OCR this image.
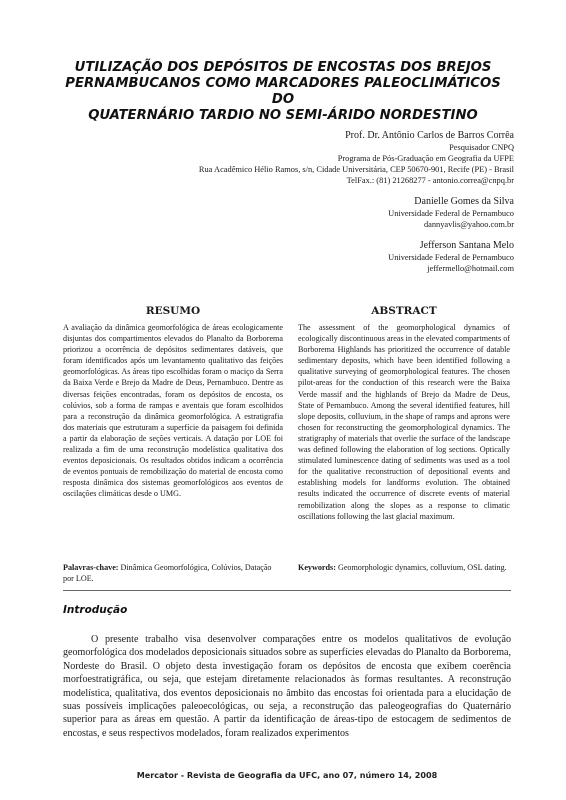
UTILIZAÇÃO DOS DEPÓSITOS DE ENCOSTAS DOS BREJOS
PERNAMBUCANOS COMO MARCADORES PALEOCLIMÁTICOS DO
QUATERNÁRIO TARDIO NO SEMI-ÁRIDO NORDESTINO
Prof. Dr. Antônio Carlos de Barros Corrêa
Pesquisador CNPQ
Programa de Pós-Graduação em Geografia da UFPE
Rua Acadêmico Hélio Ramos, s/n, Cidade Universitária, CEP 50670-901, Recife (PE) - Brasil
TelFax.: (81) 21268277 - antonio.correa@cnpq.br
Danielle Gomes da Silva
Universidade Federal de Pernambuco
dannyavlis@yahoo.com.br
Jefferson Santana Melo
Universidade Federal de Pernambuco
jeffermello@hotmail.com
RESUMO	ABSTRACT

A avaliação da dinâmica geomorfológica de áreas ecologicamente disjuntas dos compartimentos elevados do Planalto da Borborema priorizou a ocorrência de depósitos sedimentares datáveis, que foram identificados após um levantamento qualitativo das feições geomorfológicas. As áreas tipo escolhidas foram o maciço da Serra da Baixa Verde e Brejo da Madre de Deus, Pernambuco. Dentre as diversas feições encontradas, foram os depósitos de encosta, os colúvios, sob a forma de rampas e aventais que foram escolhidos para a reconstrução da dinâmica geomorfológica. A estratigrafia dos materiais que estruturam a superfície da paisagem foi definida a partir da elaboração de seções verticais. A datação por LOE foi realizada a fim de uma reconstrução modelística qualitativa dos eventos deposicionais. Os resultados obtidos indicam a ocorrência de eventos pontuais de remobilização do material de encosta como resposta dinâmica dos sistemas geomorfológicos aos eventos de oscilações climáticas desde o UMG.

The assessment of the geomorphological dynamics of ecologically discontinuous areas in the elevated compartments of Borborema Highlands has prioritized the occurrence of datable sedimentary deposits, which have been identified following a qualitative surveying of geomorphological features. The chosen pilot-areas for the conduction of this research were the Baixa Verde massif and the highlands of Brejo da Madre de Deus, State of Pernambuco. Among the several identified features, hill slope deposits, colluvium, in the shape of ramps and aprons were chosen for reconstructing the geomorphological dynamics. The stratigraphy of materials that overlie the surface of the landscape was defined following the elaboration of log sections. Optically stimulated luminescence dating of sediments was used as a tool for the qualitative reconstruction of depositional events and establishing models for landforms evolution. The obtained results indicated the occurrence of discrete events of material remobilization along the slopes as a response to climatic oscillations following the last glacial maximum.

Palavras-chave: Dinâmica Geomorfológica, Colúvios, Datação por LOE.
Keywords: Geomorphologic dynamics, colluvium, OSL dating.
Introdução

O presente trabalho visa desenvolver comparações entre os modelos qualitativos de evolução geomorfológica dos modelados deposicionais situados sobre as superfícies elevadas do Planalto da Borborema, Nordeste do Brasil. O objeto desta investigação foram os depósitos de encosta que exibem coerência morfoestratigráfica, ou seja, que estejam diretamente relacionados às formas resultantes. A reconstrução modelística, qualitativa, dos eventos deposicionais no âmbito das encostas foi orientada para a elucidação de suas possíveis implicações paleoecológicas, ou seja, a reconstrução das paleogeografias do Quaternário superior para as áreas em questão. A partir da identificação de áreas-tipo de estocagem de sedimentos de encostas, e seus respectivos modelados, foram realizados experimentos

Mercator - Revista de Geografia da UFC, ano 07, número 14, 2008
